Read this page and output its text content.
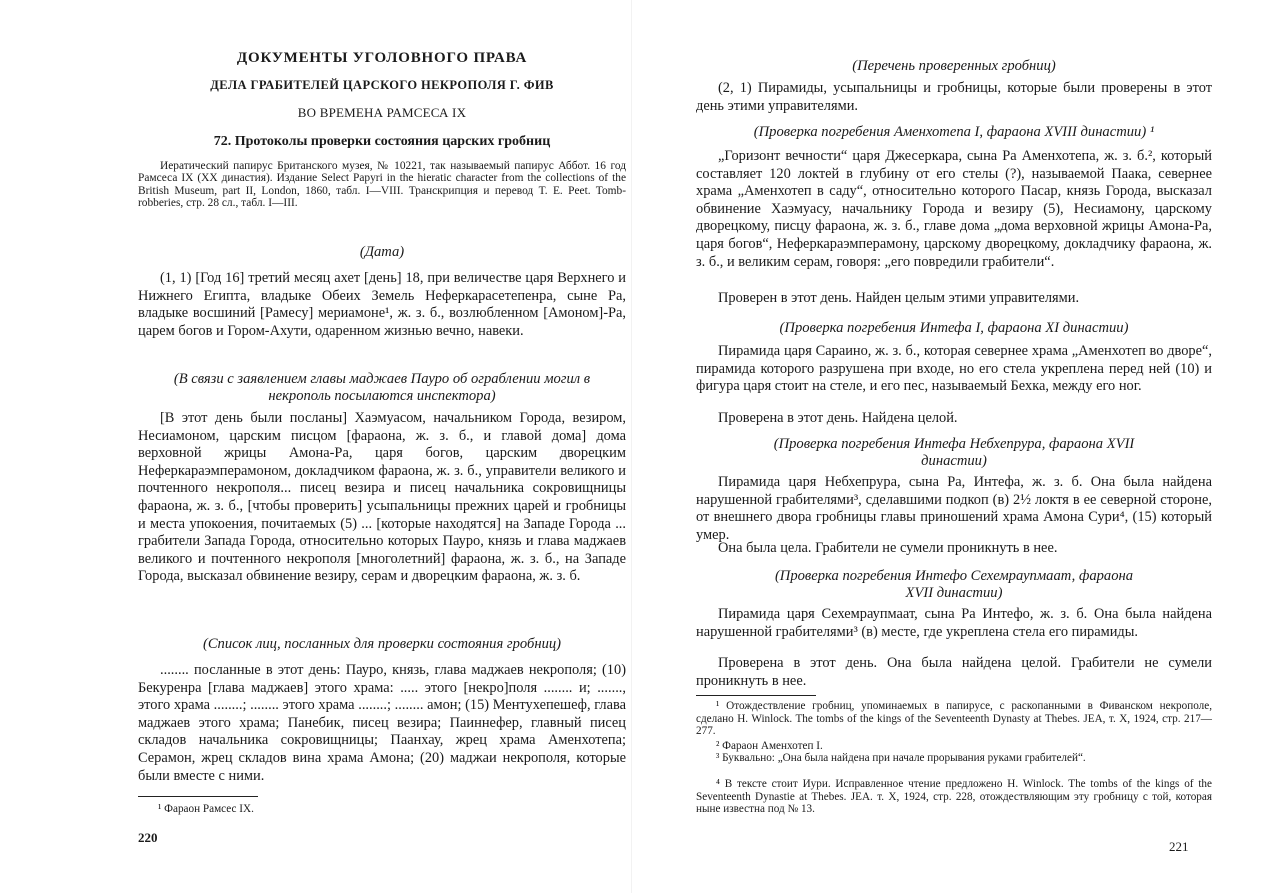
ДОКУМЕНТЫ УГОЛОВНОГО ПРАВА
ДЕЛА ГРАБИТЕЛЕЙ ЦАРСКОГО НЕКРОПОЛЯ Г. ФИВ
ВО ВРЕМЕНА РАМСЕСА IX
72. Протоколы проверки состояния царских гробниц

Иератический папирус Британского музея, № 10221, так называемый папирус Аббот. 16 год Рамсеса IX (XX династия). Издание Select Papyri in the hieratic character from the collections of the British Museum, part II, London, 1860, табл. I—VIII. Транскрипция и перевод T. E. Peet. Tomb-robberies, стр. 28 сл., табл. I—III.

(Дата)

(1, 1) [Год 16] третий месяц ахет [день] 18, при величестве царя Верхнего и Нижнего Египта, владыке Обеих Земель Неферкарасетепенра, сыне Ра, владыке восшиний [Рамесу] мериамоне¹, ж. з. б., возлюбленном [Амоном]-Ра, царем богов и Гором-Ахути, одаренном жизнью вечно, навеки.

(В связи с заявлением главы маджаев Пауро об ограблении могил в некрополь посылаются инспектора)

[В этот день были посланы] Хаэмуасом, начальником Города, везиром, Несиамоном, царским писцом [фараона, ж. з. б., и главой дома] дома верховной жрицы Амона-Ра, царя богов, царским дворецким Неферкараэмперамоном, докладчиком фараона, ж. з. б., управители великого и почтенного некрополя... писец везира и писец начальника сокровищницы фараона, ж. з. б., [чтобы проверить] усыпальницы прежних царей и гробницы и места упокоения, почитаемых (5) ... [которые находятся] на Западе Города ... грабители Запада Города, относительно которых Пауро, князь и глава маджаев великого и почтенного некрополя [многолетний] фараона, ж. з. б., на Западе Города, высказал обвинение везиру, серам и дворецким фараона, ж. з. б.

(Список лиц, посланных для проверки состояния гробниц)

........ посланные в этот день: Пауро, князь, глава маджаев некрополя; (10) Бекуренра [глава маджаев] этого храма: ..... этого [некро]поля ........ и; ......., этого храма ........; ........ этого храма ........; ........ амон; (15) Ментухепешеф, глава маджаев этого храма; Панебик, писец везира; Паиннефер, главный писец складов начальника сокровищницы; Паанхау, жрец храма Аменхотепа; Серамон, жрец складов вина храма Амона; (20) маджаи некрополя, которые были вместе с ними.

¹ Фараон Рамсес IX.

220
(Перечень проверенных гробниц)

(2, 1) Пирамиды, усыпальницы и гробницы, которые были проверены в этот день этими управителями.

(Проверка погребения Аменхотепа I, фараона XVIII династии) ¹

„Горизонт вечности“ царя Джесеркара, сына Ра Аменхотепа, ж. з. б.², который составляет 120 локтей в глубину от его стелы (?), называемой Паака, севернее храма „Аменхотеп в саду“, относительно которого Пасар, князь Города, высказал обвинение Хаэмуасу, начальнику Города и везиру (5), Несиамону, царскому дворецкому, писцу фараона, ж. з. б., главе дома „дома верховной жрицы Амона-Ра, царя богов“, Неферкараэмперамону, царскому дворецкому, докладчику фараона, ж. з. б., и великим серам, говоря: „его повредили грабители“.

Проверен в этот день. Найден целым этими управителями.

(Проверка погребения Интефа I, фараона XI династии)

Пирамида царя Сараино, ж. з. б., которая севернее храма „Аменхотеп во дворе“, пирамида которого разрушена при входе, но его стела укреплена перед ней (10) и фигура царя стоит на стеле, и его пес, называемый Бехка, между его ног.

Проверена в этот день. Найдена целой.

(Проверка погребения Интефа Небхепрура, фараона XVII династии)

Пирамида царя Небхепрура, сына Ра, Интефа, ж. з. б. Она была найдена нарушенной грабителями³, сделавшими подкоп (в) 2½ локтя в ее северной стороне, от внешнего двора гробницы главы приношений храма Амона Сури⁴, (15) который умер.

Она была цела. Грабители не сумели проникнуть в нее.

(Проверка погребения Интефо Сехемраупмаат, фараона XVII династии)

Пирамида царя Сехемраупмаат, сына Ра Интефо, ж. з. б. Она была найдена нарушенной грабителями³ (в) месте, где укреплена стела его пирамиды.

Проверена в этот день. Она была найдена целой. Грабители не сумели проникнуть в нее.

¹ Отождествление гробниц, упоминаемых в папирусе, с раскопанными в Фиванском некрополе, сделано H. Winlock. The tombs of the kings of the Seventeenth Dynasty at Thebes. JEA, т. X, 1924, стр. 217—277.

² Фараон Аменхотеп I.

³ Буквально: „Она была найдена при начале прорывания руками грабителей“.

⁴ В тексте стоит Иури. Исправленное чтение предложено H. Winlock. The tombs of the kings of the Seventeenth Dynastie at Thebes. JEA. т. X, 1924, стр. 228, отождествляющим эту гробницу с той, которая ныне известна под № 13.

221
